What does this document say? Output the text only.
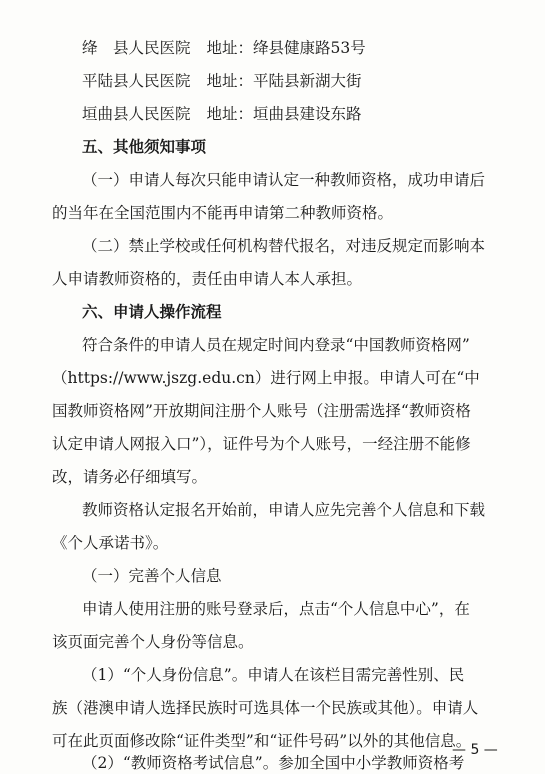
绛　县人民医院 地址：绛县健康路53号
平陆县人民医院 地址：平陆县新湖大街
垣曲县人民医院 地址：垣曲县建设东路
五、其他须知事项
（一）申请人每次只能申请认定一种教师资格，成功申请后
的当年在全国范围内不能再申请第二种教师资格。
（二）禁止学校或任何机构替代报名，对违反规定而影响本
人申请教师资格的，责任由申请人本人承担。
六、申请人操作流程
符合条件的申请人员在规定时间内登录“中国教师资格网”
（https://www.jszg.edu.cn）进行网上申报。申请人可在“中
国教师资格网”开放期间注册个人账号（注册需选择“教师资格
认定申请人网报入口”），证件号为个人账号，一经注册不能修
改，请务必仔细填写。
教师资格认定报名开始前，申请人应先完善个人信息和下载
《个人承诺书》。
（一）完善个人信息
申请人使用注册的账号登录后，点击“个人信息中心”，在
该页面完善个人身份等信息。
（1）“个人身份信息”。申请人在该栏目需完善性别、民
族（港澳申请人选择民族时可选具体一个民族或其他）。申请人
可在此页面修改除“证件类型”和“证件号码”以外的其他信息。
（2）“教师资格考试信息”。参加全国中小学教师资格考
— 5 —
